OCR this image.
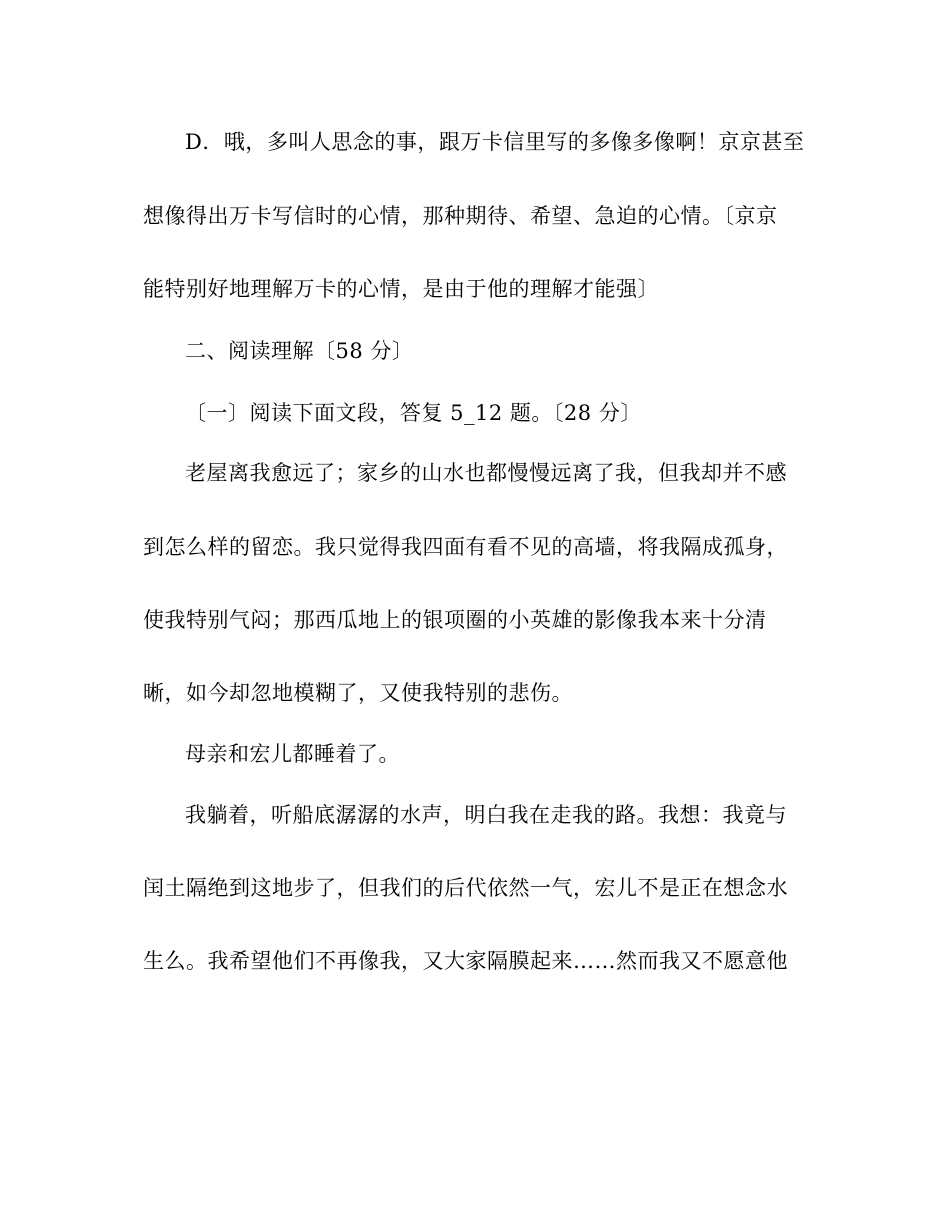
D．哦，多叫人思念的事，跟万卡信里写的多像多像啊！京京甚至
想像得出万卡写信时的心情，那种期待、希望、急迫的心情。〔京京
能特别好地理解万卡的心情，是由于他的理解才能强〕
二、阅读理解〔58 分〕
〔一〕阅读下面文段，答复 5_12 题。〔28 分〕
老屋离我愈远了；家乡的山水也都慢慢远离了我，但我却并不感
到怎么样的留恋。我只觉得我四面有看不见的高墙，将我隔成孤身，
使我特别气闷；那西瓜地上的银项圈的小英雄的影像我本来十分清
晰，如今却忽地模糊了，又使我特别的悲伤。
母亲和宏儿都睡着了。
我躺着，听船底潺潺的水声，明白我在走我的路。我想：我竟与
闰土隔绝到这地步了，但我们的后代依然一气，宏儿不是正在想念水
生么。我希望他们不再像我，又大家隔膜起来……然而我又不愿意他
